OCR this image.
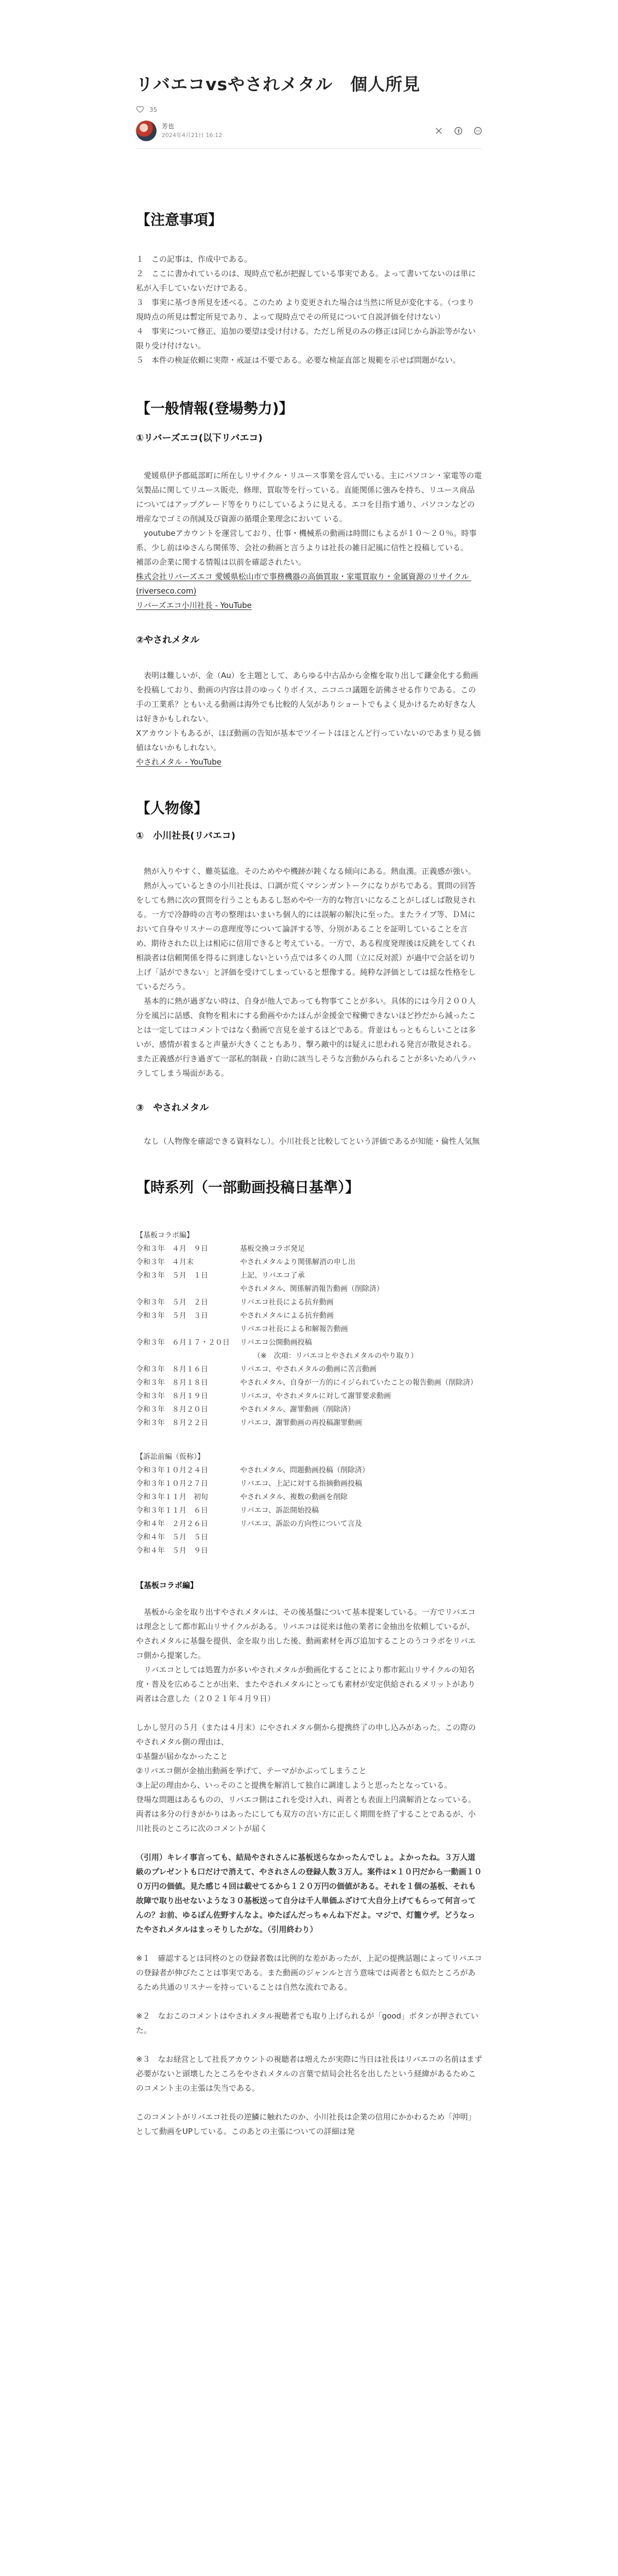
リバエコvsやされメタル　個人所見
35
芳也
2024年4月21日 16:12
【注意事項】

１　この記事は、作成中である。

２　ここに書かれているのは、現時点で私が把握している事実である。よって書いてないのは単に私が入手していないだけである。

３　事実に基づき所見を述べる。このため より変更された場合は当然に所見が変化する。（つまり現時点の所見は暫定所見であり、よって現時点でその所見について自説評価を付けない）

４　事実について修正、追加の要望は受け付ける。ただし所見のみの修正は同じから訴訟等がない限り受け付けない。

５　本件の検証依頼に実際・戒証は不要である。必要な検証直部と規範を示せば問題がない。

【一般情報(登場勢力)】
①リバーズエコ(以下リバエコ)

　愛媛県伊予郡砥部町に所在しリサイクル・リユース事業を営んでいる。主にパソコン・家電等の電気製品に関してリユース販売、修理、買取等を行っている。直能関係に強みを持ち、リユース商品についてはアップグレード等をりりにしているように見える。エコを目指す通り、パソコンなどの増産なでゴミの削減及び資源の循環企業理念において いる。
　youtubeアカウントを運営しており、仕事・機械系の動画は時間にもよるが１０～２０％。時事系、少し前はゆさんら関係等、会社の動画と言うよりは社長の雑日記風に信性と投稿している。
補部の企業に関する情報は以前を確認されたい。

株式会社リバーズエコ 愛媛県松山市で事務機器の高価買取・家電買取り・金属資源のリサイクル (riverseco.com)

リバーズエコ小川社長 - YouTube

②やされメタル

　表明は難しいが、金（Au）を主題として、あらゆる中古品から金権を取り出して鎌金化する動画を投稿しており、動画の内容は昔のゆっくりボイス、ニコニコ議題を訪佛させる作りである。この手の工業系？ともいえる動画は海外でも比較的人気がありショートでもよく見かけるため好きな人は好きかもしれない。
Xアカウントもあるが、ほぼ動画の告知が基本でツイートはほとんど行っていないのであまり見る価値はないかもしれない。

やされメタル - YouTube

【人物像】
①　小川社長(リバエコ)

　熱が入りやすく、難英猛進。そのためやや機跡が鈍くなる傾向にある。熱血漢。正義感が強い。
　熱が入っているときの小川社長は、口調が荒くマシンガントークになりがちである。質問の回答をしても熱に次の質問を行うこともあるし怒めやや一方的な物言いになることがしばしば散見される。一方で冷静時の言考の整理はいまいち個人的には誤解の解決に至った。またライブ等、ＤＭにおいて自身やリスナーの意理度等について論評する等、分別があることを証明していることを言め、期待された以上は相応に信用できると考えている。一方で、ある程度発理後は反跳をしてくれ相談者は信頼関係を得るに到達しないという点では多くの人間（立に反対派）が過中で会話を切り上げ「話ができない」と評価を受けてしまっていると想像する。純粋な評価としては揺な性格をしているだろう。
　基本的に熱が過ぎない時は、自身が他人であっても物事てことが多い。具体的には今月２００人分を風呂に話感、食物を粗末にする動画やかたほんが金援金で稼働できないほど抄だから減ったことは一定してはコメントではなく動画で言見を並するほどである。背並はもっともらしいことは多いが、感情が着まると声量が大きくこともあり、撃ろ敵中的は疑えに思われる発言が散見される。また正義感が行き過ぎて一部私的制裁・自助に該当しそうな言動がみられることが多いため八ラハラしてしまう場面がある。

③　やされメタル

　なし（人物像を確認できる資料なし）。小川社長と比較してという評価であるが知能・倫性人気無

【時系列（一部動画投稿日基準）】
【基板コラボ編】
令和３年　４月　９日	基板交換コラボ発足
令和３年　４月末	やされメタルより関係解消の申し出
令和３年　５月　１日	上記、リバエコ了承
やされメタル、関係解消報告動画（削除済）
令和３年　５月　２日	リバエコ社長による抗弁動画
令和３年　５月　３日	やされメタルによる抗弁動画
リバエコ社長による和解報告動画
令和３年　６月１７・２０日	リバエコ公開動画投稿
（※　次項：リバエコとやされメタルのやり取り）
令和３年　８月１６日	リバエコ、やされメタルの動画に苦言動画
令和３年　８月１８日	やされメタル、自身が一方的にイジられていたことの報告動画（削除済）
令和３年　８月１９日	リバエコ、やされメタルに対して謝罪要求動画
令和３年　８月２０日	やされメタル、謝罪動画（削除済）
令和３年　８月２２日	リバエコ、謝罪動画の再投稿謝罪動画
【訴訟前編（仮称）】
令和３年１０月２４日	やされメタル、問題動画投稿（削除済）
令和３年１０月２７日	リバエコ、上記に対する指摘動画投稿
令和３年１１月　初旬	やされメタル、複数の動画を削除
令和３年１１月　６日	リバエコ、訴訟開始投稿
令和４年　２月２６日	リバエコ、訴訟の方向性について言及
令和４年　５月　５日
令和４年　５月　９日
【基板コラボ編】

　基板から金を取り出すやされメタルは、その後基盤について基本提案している。一方でリバエコは理念として都市鉱山リサイクルがある。リバエコは従来は他の業者に金抽出を依頼しているが、やされメタルに基盤を提供、金を取り出した後、動画素材を再び追加することのうコラボをリバエコ側から提案した。
　リバエコとしては処置力が多いやされメタルが動画化することにより都市鉱山リサイクルの知名度・普及を広めることが出来、またやされメタルにとっても素材が安定供給されるメリットがあり両者は合意した（２０２１年４月９日）

しかし翌月の５月（または４月末）にやされメタル側から提携終了の申し込みがあった。この際のやされメタル側の理由は、
①基盤が届かなかったこと
②リバエコ側が金抽出動画を挙げて、テーマがかぶってしまうこと
③上記の理由から、いっそのこと提携を解消して独自に調達しようと思ったとなっている。
登場な問題はあるものの、リバエコ側はこれを受け入れ、両者とも表面上円満解消となっている。両者は多分の行きがかりはあったにしても双方の言い方に正しく期間を終了することであるが、小川社長のところに次のコメントが届く

（引用）キレイ事言っても、結局やされさんに基板送らなかったんでしょ。よかったね。３万人道級のプレゼントも口だけで消えて、やされさんの登録人数３万人。案件は×１０円だから一動画１００万円の価値。見た感じ４回は載せてるから１２０万円の価値がある。それを１個の基板、それも故障で取り出せないような３０基板送って自分は千人単価ふざけて大自分上げてもらって何言ってんの？お前、ゆるぽん佐野すんなよ。ゆたぽんだっちゃんね下だよ。マジで、灯籠ウザ。どうなったやされメタルはまっそりしたがな。（引用終わり）

※１　確認するとほ同柊のとの登録者数は比例的な差があったが、上記の提携話題によってリバエコの登録者が伸びたことは事実である。また動画のジャンルと言う意味では両者とも似たところがあるため共通のリスナーを持っていることは自然な流れである。

※２　なおこのコメントはやされメタル視聴者でも取り上げられるが「good」ボタンが押されていた。

※３　なお経営として社長アカウントの視聴者は増えたが実際に当日は社長はリバエコの名前はまず必要がないと頭壊したところをやされメタルの言葉で結局会社名を出したという経緯があるためこのコメント主の主張は失当である。

このコメントがリバエコ社長の逆鱗に触れたのか、小川社長は企業の信用にかかわるため「沖明」として動画をUPしている。このあとの主張についての詳細は発
